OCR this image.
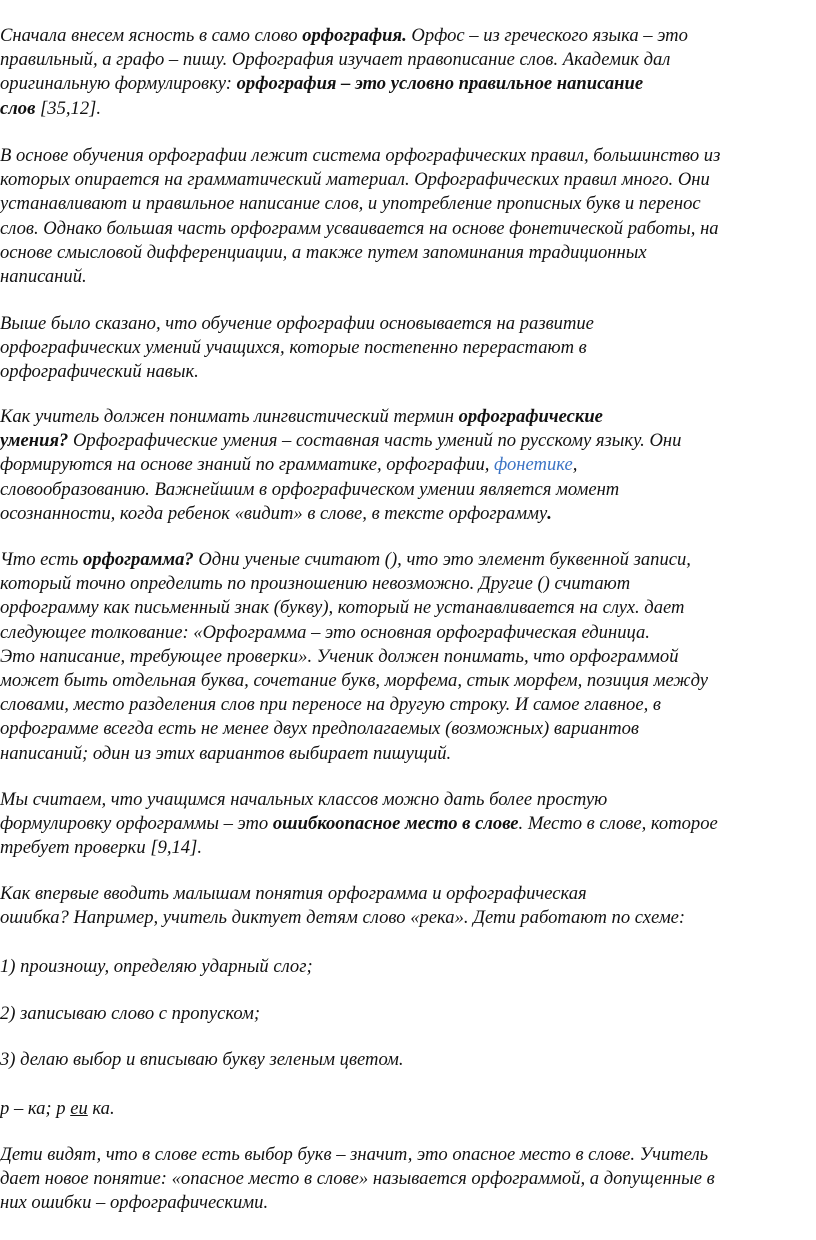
Сначала внесем ясность в само слово орфография. Орфос – из греческого языка – это
правильный, а графо – пишу. Орфография изучает правописание слов. Академик дал
оригинальную формулировку: орфография – это условно правильное написание
слов [35,12].

В основе обучения орфографии лежит система орфографических правил, большинство из
которых опирается на грамматический материал. Орфографических правил много. Они
устанавливают и правильное написание слов, и употребление прописных букв и перенос
слов. Однако большая часть орфограмм усваивается на основе фонетической работы, на
основе смысловой дифференциации, а также путем запоминания традиционных
написаний.

Выше было сказано, что обучение орфографии основывается на развитие
орфографических умений учащихся, которые постепенно перерастают в
орфографический навык.

Как учитель должен понимать лингвистический термин орфографические
умения? Орфографические умения – составная часть умений по русскому языку. Они
формируются на основе знаний по грамматике, орфографии, фонетике,
словообразованию. Важнейшим в орфографическом умении является момент
осознанности, когда ребенок «видит» в слове, в тексте орфограмму.

Что есть орфограмма? Одни ученые считают (), что это элемент буквенной записи,
который точно определить по произношению невозможно. Другие () считают
орфограмму как письменный знак (букву), который не устанавливается на слух. дает
следующее толкование: «Орфограмма – это основная орфографическая единица.
Это написание, требующее проверки». Ученик должен понимать, что орфограммой
может быть отдельная буква, сочетание букв, морфема, стык морфем, позиция между
словами, место разделения слов при переносе на другую строку. И самое главное, в
орфограмме всегда есть не менее двух предполагаемых (возможных) вариантов
написаний; один из этих вариантов выбирает пишущий.

Мы считаем, что учащимся начальных классов можно дать более простую
формулировку орфограммы – это ошибкоопасное место в слове. Место в слове, которое
требует проверки [9,14].

Как впервые вводить малышам понятия орфограмма и орфографическая
ошибка? Например, учитель диктует детям слово «река». Дети работают по схеме:

1) произношу, определяю ударный слог;

2) записываю слово с пропуском;

3) делаю выбор и вписываю букву зеленым цветом.

р – ка; р еи ка.

Дети видят, что в слове есть выбор букв – значит, это опасное место в слове. Учитель
дает новое понятие: «опасное место в слове» называется орфограммой, а допущенные в
них ошибки – орфографическими.
